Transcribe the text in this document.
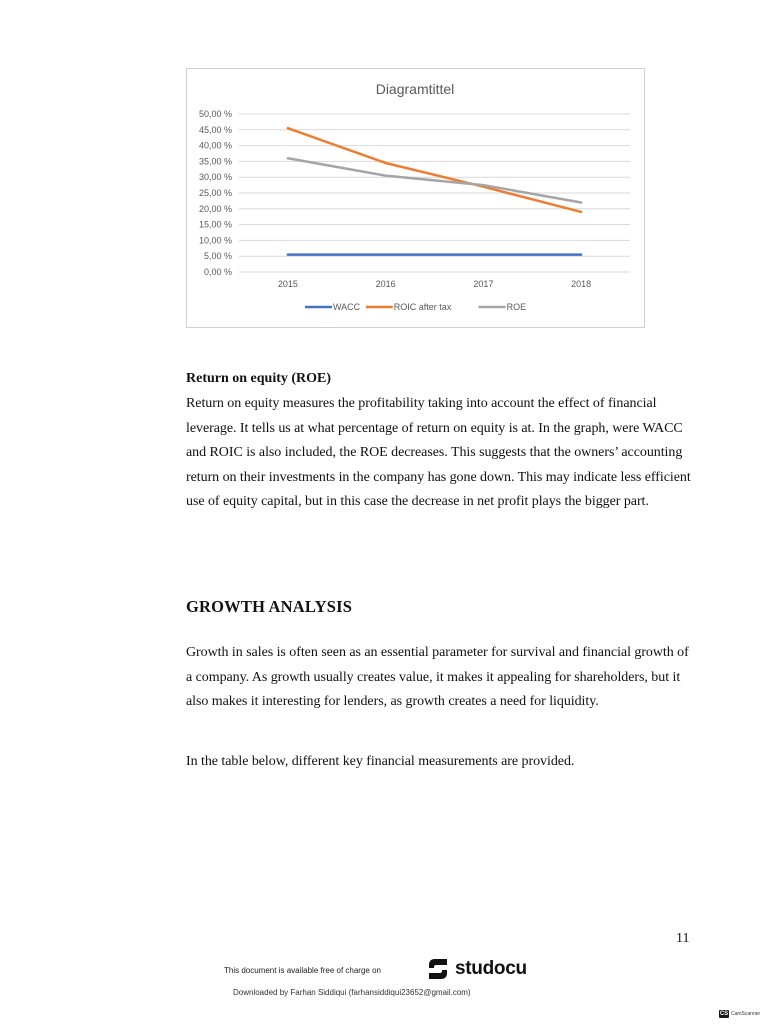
Diagramtittel
0,00 %
5,00 %
10,00 %
15,00 %
20,00 %
25,00 %
30,00 %
35,00 %
40,00 %
45,00 %
50,00 %
2015	2016	2017	2018
WACC	ROIC after tax	ROE
Return on equity (ROE)

Return on equity measures the profitability taking into account the effect of financial leverage. It tells us at what percentage of return on equity is at. In the graph, were WACC and ROIC is also included, the ROE decreases. This suggests that the owners’ accounting return on their investments in the company has gone down. This may indicate less efficient use of equity capital, but in this case the decrease in net profit plays the bigger part.

GROWTH ANALYSIS

Growth in sales is often seen as an essential parameter for survival and financial growth of a company. As growth usually creates value, it makes it appealing for shareholders, but it also makes it interesting for lenders, as growth creates a need for liquidity.

In the table below, different key financial measurements are provided.

11
This document is available free of charge on	studocu
Downloaded by Farhan Siddiqui (farhansiddiqui23652@gmail.com)
CS CamScanner
